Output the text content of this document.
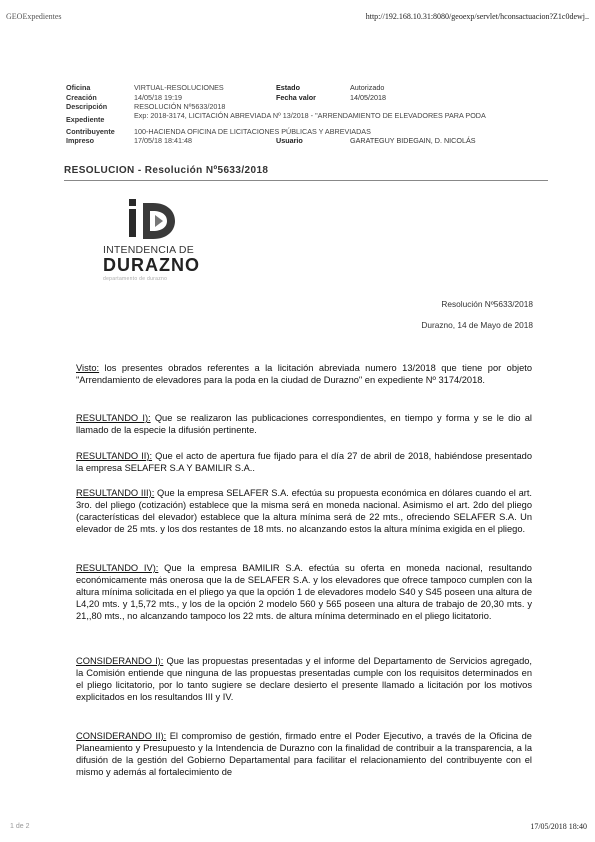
GEOExpedientes	http://192.168.10.31:8080/geoexp/servlet/hconsactuacion?Z1c0dewj..
Oficina	VIRTUAL-RESOLUCIONES	Estado	Autorizado
Creación	14/05/18 19:19	Fecha valor	14/05/2018
Descripción	RESOLUCIÓN Nº5633/2018
Expediente	Exp: 2018-3174, LICITACIÓN ABREVIADA Nº 13/2018 - "ARRENDAMIENTO DE ELEVADORES PARA PODA
Contribuyente	100-HACIENDA OFICINA DE LICITACIONES PÚBLICAS Y ABREVIADAS
Impreso	17/05/18 18:41:48	Usuario	GARATEGUY BIDEGAIN, D. NICOLÁS
RESOLUCION - Resolución Nº5633/2018
INTENDENCIA DE
DURAZNO
departamento de durazno
Resolución Nº5633/2018
Durazno, 14 de Mayo de 2018

Visto: los presentes obrados referentes a la licitación abreviada numero 13/2018 que tiene por objeto "Arrendamiento de elevadores para la poda en la ciudad de Durazno" en expediente Nº 3174/2018.

RESULTANDO I): Que se realizaron las publicaciones correspondientes, en tiempo y forma y se le dio al llamado de la especie la difusión pertinente.

RESULTANDO II): Que el acto de apertura fue fijado para el día 27 de abril de 2018, habiéndose presentado la empresa SELAFER S.A Y BAMILIR S.A..

RESULTANDO III): Que la empresa SELAFER S.A. efectúa su propuesta económica en dólares cuando el art. 3ro. del pliego (cotización) establece que la misma será en moneda nacional. Asimismo el art. 2do del pliego (características del elevador) establece que la altura mínima será de 22 mts., ofreciendo SELAFER S.A. Un elevador de 25 mts. y los dos restantes de 18 mts. no alcanzando estos la altura mínima exigida en el pliego.

RESULTANDO IV): Que la empresa BAMILIR S.A. efectúa su oferta en moneda nacional, resultando económicamente más onerosa que la de SELAFER S.A. y los elevadores que ofrece tampoco cumplen con la altura mínima solicitada en el pliego ya que la opción 1 de elevadores modelo S40 y S45 poseen una altura de L4,20 mts. y 1,5,72 mts., y los de la opción 2 modelo 560 y 565 poseen una altura de trabajo de 20,30 mts. y 21,,80 mts., no alcanzando tampoco los 22 mts. de altura mínima determinado en el pliego licitatorio.

CONSIDERANDO I): Que las propuestas presentadas y el informe del Departamento de Servicios agregado, la Comisión entiende que ninguna de las propuestas presentadas cumple con los requisitos determinados en el pliego licitatorio, por lo tanto sugiere se declare desierto el presente llamado a licitación por los motivos explicitados en los resultandos III y IV.

CONSIDERANDO II): El compromiso de gestión, firmado entre el Poder Ejecutivo, a través de la Oficina de Planeamiento y Presupuesto y la Intendencia de Durazno con la finalidad de contribuir a la transparencia, a la difusión de la gestión del Gobierno Departamental para facilitar el relacionamiento del contribuyente con el mismo y además al fortalecimiento de

1 de 2	17/05/2018 18:40
